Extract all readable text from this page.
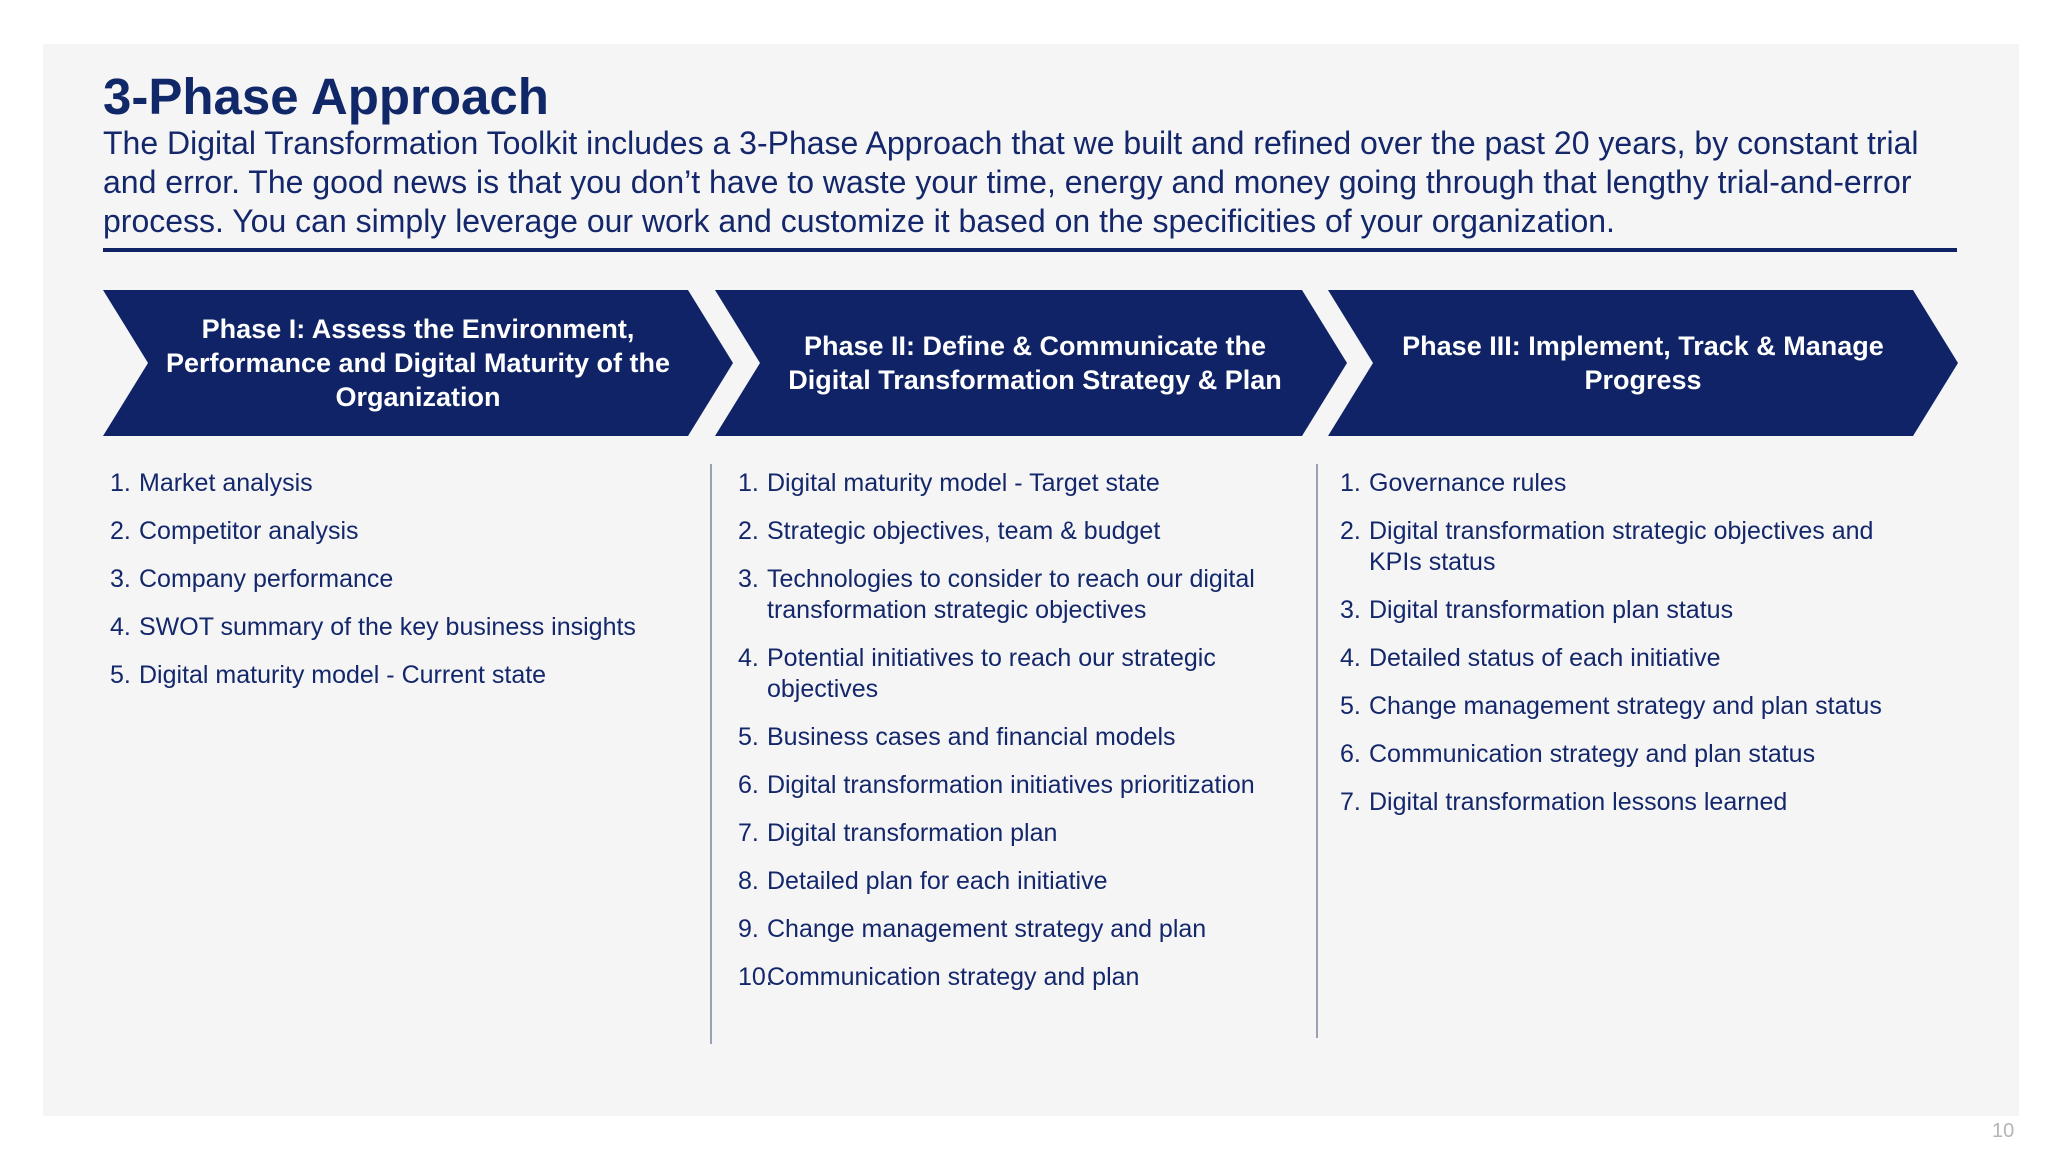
3-Phase Approach

The Digital Transformation Toolkit includes a 3-Phase Approach that we built and refined over the past 20 years, by constant trial and error. The good news is that you don’t have to waste your time, energy and money going through that lengthy trial-and-error process. You can simply leverage our work and customize it based on the specificities of your organization.

Phase I: Assess the Environment, Performance and Digital Maturity of the Organization
Phase II: Define & Communicate the Digital Transformation Strategy & Plan
Phase III: Implement, Track & Manage Progress
1. Market analysis
2. Competitor analysis
3. Company performance
4. SWOT summary of the key business insights
5. Digital maturity model - Current state
1. Digital maturity model - Target state
2. Strategic objectives, team & budget
3. Technologies to consider to reach our digital transformation strategic objectives
4. Potential initiatives to reach our strategic objectives
5. Business cases and financial models
6. Digital transformation initiatives prioritization
7. Digital transformation plan
8. Detailed plan for each initiative
9. Change management strategy and plan
10.
Communication strategy and plan
1. Governance rules
2. Digital transformation strategic objectives and KPIs status
3. Digital transformation plan status
4. Detailed status of each initiative
5. Change management strategy and plan status
6. Communication strategy and plan status
7. Digital transformation lessons learned
10
